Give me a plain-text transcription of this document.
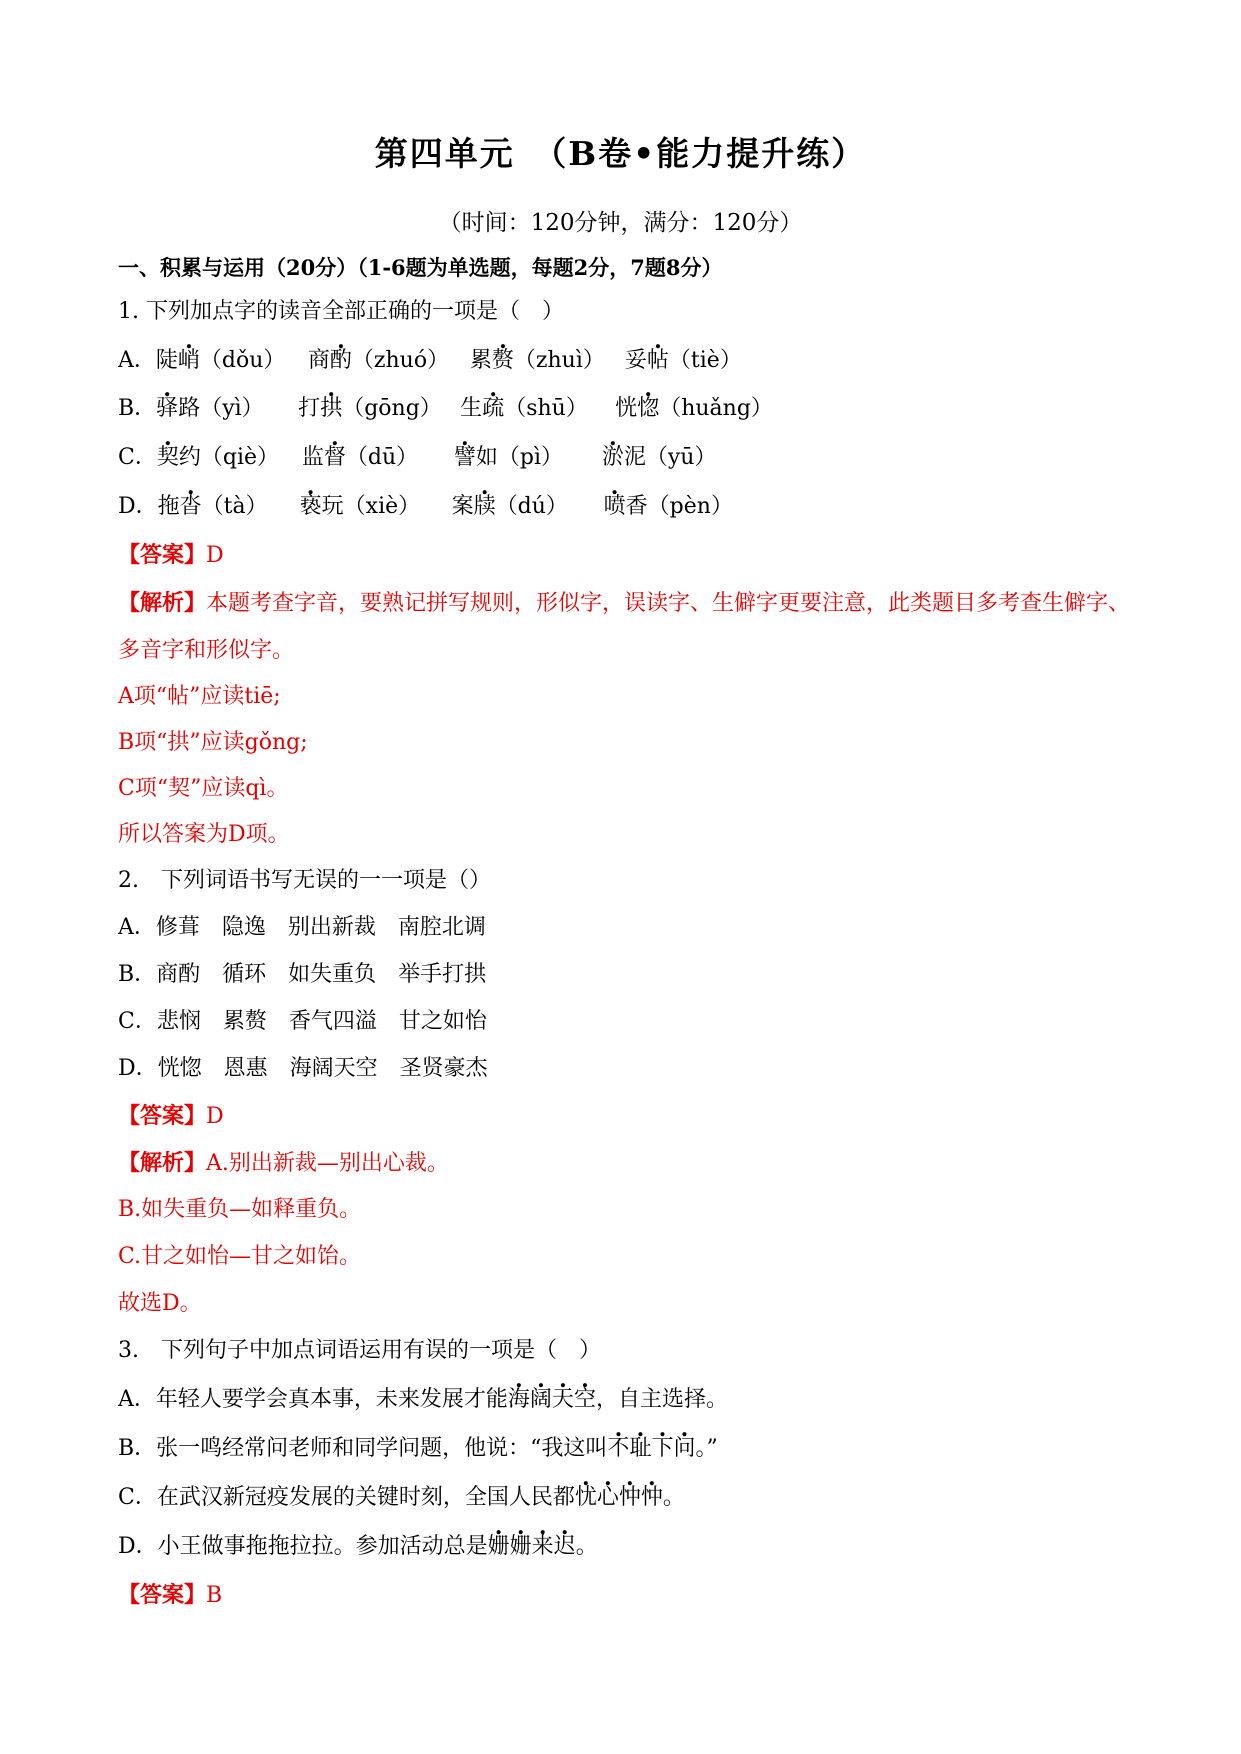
第四单元　（B卷•能力提升练）
（时间：120分钟，满分：120分）
一、积累与运用（20分）（1-6题为单选题，每题2分，7题8分）
1. 下列加点字的读音全部正确的一项是（　）
A．陡峭（dǒu） 商酌（zhuó） 累赘（zhuì） 妥帖（tiè）
B．驿路（yì） 打拱（gōng） 生疏（shū） 恍惚（huǎng）
C．契约（qiè） 监督（dū） 譬如（pì） 淤泥（yū）
D．拖沓（tà） 亵玩（xiè） 案牍（dú） 喷香（pèn）
【答案】D
【解析】本题考查字音，要熟记拼写规则，形似字，误读字、生僻字更要注意，此类题目多考查生僻字、
多音字和形似字。
A项“帖”应读tiē;
B项“拱”应读gǒng;
C项“契”应读qì。
所以答案为D项。
2.　下列词语书写无误的一一项是（）
A．修葺　隐逸　别出新裁　南腔北调
B．商酌　循环　如失重负　举手打拱
C．悲悯　累赘　香气四溢　甘之如怡
D．恍惚　恩惠　海阔天空　圣贤豪杰
【答案】D
【解析】A.别出新裁—别出心裁。
B.如失重负—如释重负。
C.甘之如怡—甘之如饴。
故选D。
3.　下列句子中加点词语运用有误的一项是（　）
A．年轻人要学会真本事，未来发展才能海阔天空，自主选择。
B．张一鸣经常问老师和同学问题，他说：“我这叫不耻下问。”
C．在武汉新冠疫发展的关键时刻，全国人民都忧心忡忡。
D．小王做事拖拖拉拉。参加活动总是姗姗来迟。
【答案】B
